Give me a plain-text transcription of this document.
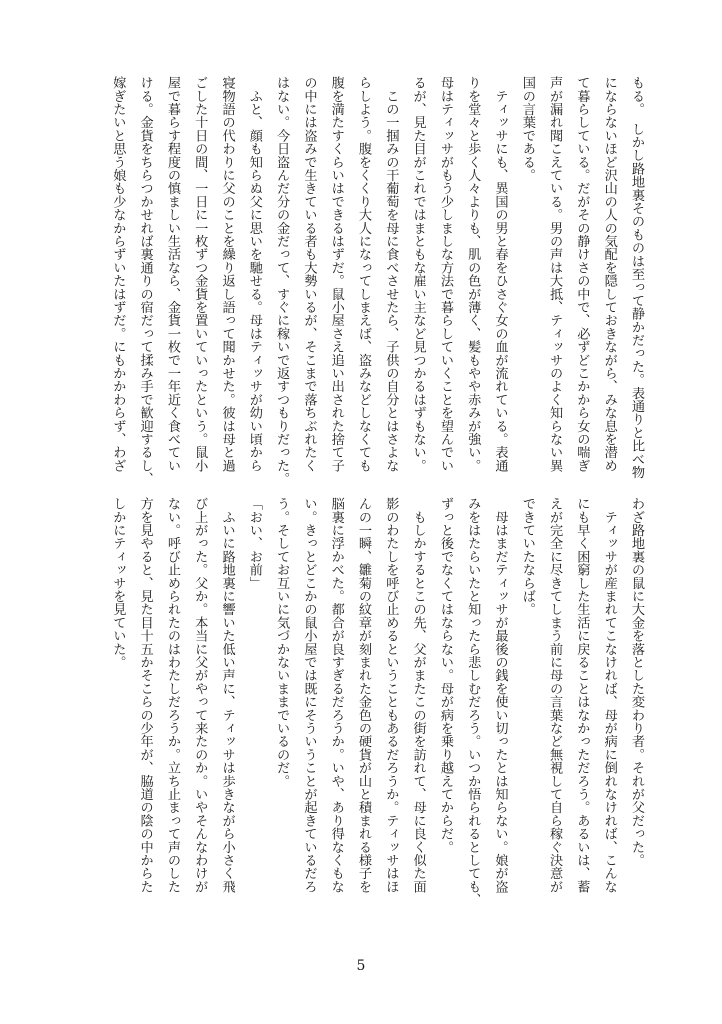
もる。　しかし路地裏そのものは至って静かだった。表通りと比べ物
にならないほど沢山の人の気配を隠しておきながら、みな息を潜め
て暮らしている。だがその静けさの中で、必ずどこかから女の喘ぎ
声が漏れ聞こえている。男の声は大抵、ティッサのよく知らない異
国の言葉である。
　ティッサにも、異国の男と春をひさぐ女の血が流れている。表通
りを堂々と歩く人々よりも、肌の色が薄く、髪もやや赤みが強い。
母はティッサがもう少しましな方法で暮らしていくことを望んでい
るが、見た目がこれではまともな雇い主など見つかるはずもない。
　この一掴みの干葡萄を母に食べさせたら、子供の自分とはさよな
らしよう。腹をくくり大人になってしまえば、盗みなどしなくても
腹を満たすくらいはできるはずだ。鼠小屋さえ追い出された捨て子
の中には盗みで生きている者も大勢いるが、そこまで落ちぶれたく
はない。今日盗んだ分の金だって、すぐに稼いで返すつもりだった。
　ふと、顔も知らぬ父に思いを馳せる。母はティッサが幼い頃から
寝物語の代わりに父のことを繰り返し語って聞かせた。彼は母と過
ごした十日の間、一日に一枚ずつ金貨を置いていったという。鼠小
屋で暮らす程度の慎ましい生活なら、金貨一枚で一年近く食べてい
ける。金貨をちらつかせれば裏通りの宿だって揉み手で歓迎するし、
嫁ぎたいと思う娘も少なからずいたはずだ。にもかかわらず、わざ
わざ路地裏の鼠に大金を落とした変わり者。それが父だった。
　ティッサが産まれてこなければ、母が病に倒れなければ、こんな
にも早く困窮した生活に戻ることはなかっただろう。あるいは、蓄
えが完全に尽きてしまう前に母の言葉など無視して自ら稼ぐ決意が
できていたならば。
　母はまだティッサが最後の銭を使い切ったとは知らない。娘が盗
みをはたらいたと知ったら悲しむだろう。いつか悟られるとしても、
ずっと後でなくてはならない。母が病を乗り越えてからだ。
　もしかするとこの先、父がまたこの街を訪れて、母に良く似た面
影のわたしを呼び止めるということもあるだろうか。ティッサはほ
んの一瞬、雛菊の紋章が刻まれた金色の硬貨が山と積まれる様子を
脳裏に浮かべた。都合が良すぎるだろうか。いや、あり得なくもな
い。きっとどこかの鼠小屋では既にそういうことが起きているだろ
う。そしてお互いに気づかないままでいるのだ。
「おい、お前」
　ふいに路地裏に響いた低い声に、ティッサは歩きながら小さく飛
び上がった。父か。本当に父がやって来たのか。いやそんなわけが
ない。呼び止められたのはわたしだろうか。立ち止まって声のした
方を見やると、見た目十五かそこらの少年が、脇道の陰の中からた
しかにティッサを見ていた。
5
